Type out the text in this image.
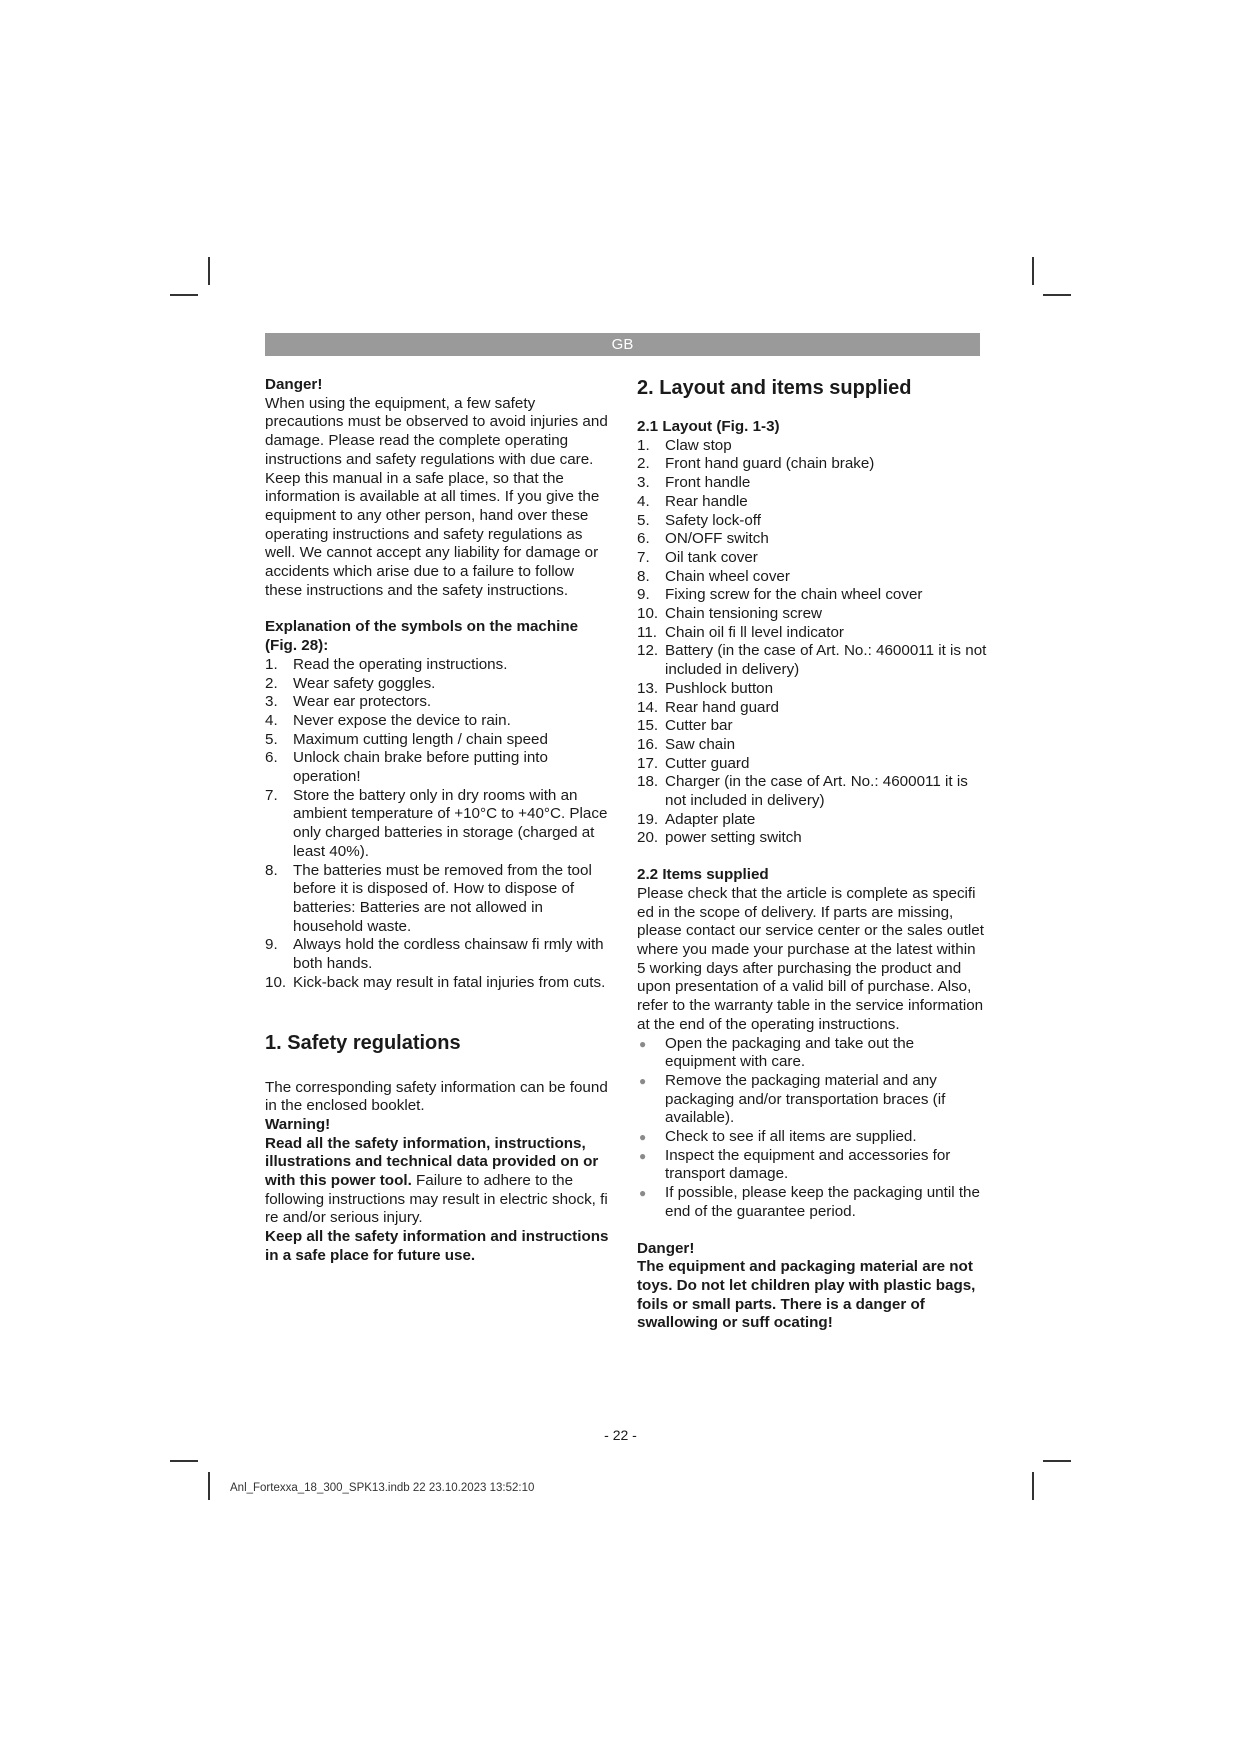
GB

Danger!

When using the equipment, a few safety precautions must be observed to avoid injuries and damage. Please read the complete operating instructions and safety regulations with due care. Keep this manual in a safe place, so that the information is available at all times. If you give the equipment to any other person, hand over these operating instructions and safety regulations as well. We cannot accept any liability for damage or accidents which arise due to a failure to follow these instructions and the safety instructions.

Explanation of the symbols on the machine (Fig. 28):

1. Read the operating instructions.
2. Wear safety goggles.
3. Wear ear protectors.
4. Never expose the device to rain.
5. Maximum cutting length / chain speed
6. Unlock chain brake before putting into operation!
7. Store the battery only in dry rooms with an ambient temperature of +10°C to +40°C. Place only charged batteries in storage (charged at least 40%).
8. The batteries must be removed from the tool before it is disposed of. How to dispose of batteries: Batteries are not allowed in household waste.
9. Always hold the cordless chainsaw fi rmly with both hands.
10. Kick-back may result in fatal injuries from cuts.
1. Safety regulations

The corresponding safety information can be found in the enclosed booklet.

Warning!

Read all the safety information, instructions, illustrations and technical data provided on or with this power tool. Failure to adhere to the following instructions may result in electric shock, fi re and/or serious injury.

Keep all the safety information and instructions in a safe place for future use.

2. Layout and items supplied

2.1 Layout (Fig. 1-3)

1. Claw stop
2. Front hand guard (chain brake)
3. Front handle
4. Rear handle
5. Safety lock-off
6. ON/OFF switch
7. Oil tank cover
8. Chain wheel cover
9. Fixing screw for the chain wheel cover
10. Chain tensioning screw
11. Chain oil fi ll level indicator
12. Battery (in the case of Art. No.: 4600011 it is not included in delivery)
13. Pushlock button
14. Rear hand guard
15. Cutter bar
16. Saw chain
17. Cutter guard
18. Charger (in the case of Art. No.: 4600011 it is not included in delivery)
19. Adapter plate
20. power setting switch

2.2 Items supplied

Please check that the article is complete as specifi ed in the scope of delivery. If parts are missing, please contact our service center or the sales outlet where you made your purchase at the latest within 5 working days after purchasing the product and upon presentation of a valid bill of purchase. Also, refer to the warranty table in the service information at the end of the operating instructions.

● Open the packaging and take out the equipment with care.
● Remove the packaging material and any packaging and/or transportation braces (if available).
● Check to see if all items are supplied.
● Inspect the equipment and accessories for transport damage.
● If possible, please keep the packaging until the end of the guarantee period.

Danger!

The equipment and packaging material are not toys. Do not let children play with plastic bags, foils or small parts. There is a danger of swallowing or suff ocating!

- 22 -
Anl_Fortexxa_18_300_SPK13.indb 22 23.10.2023 13:52:10
